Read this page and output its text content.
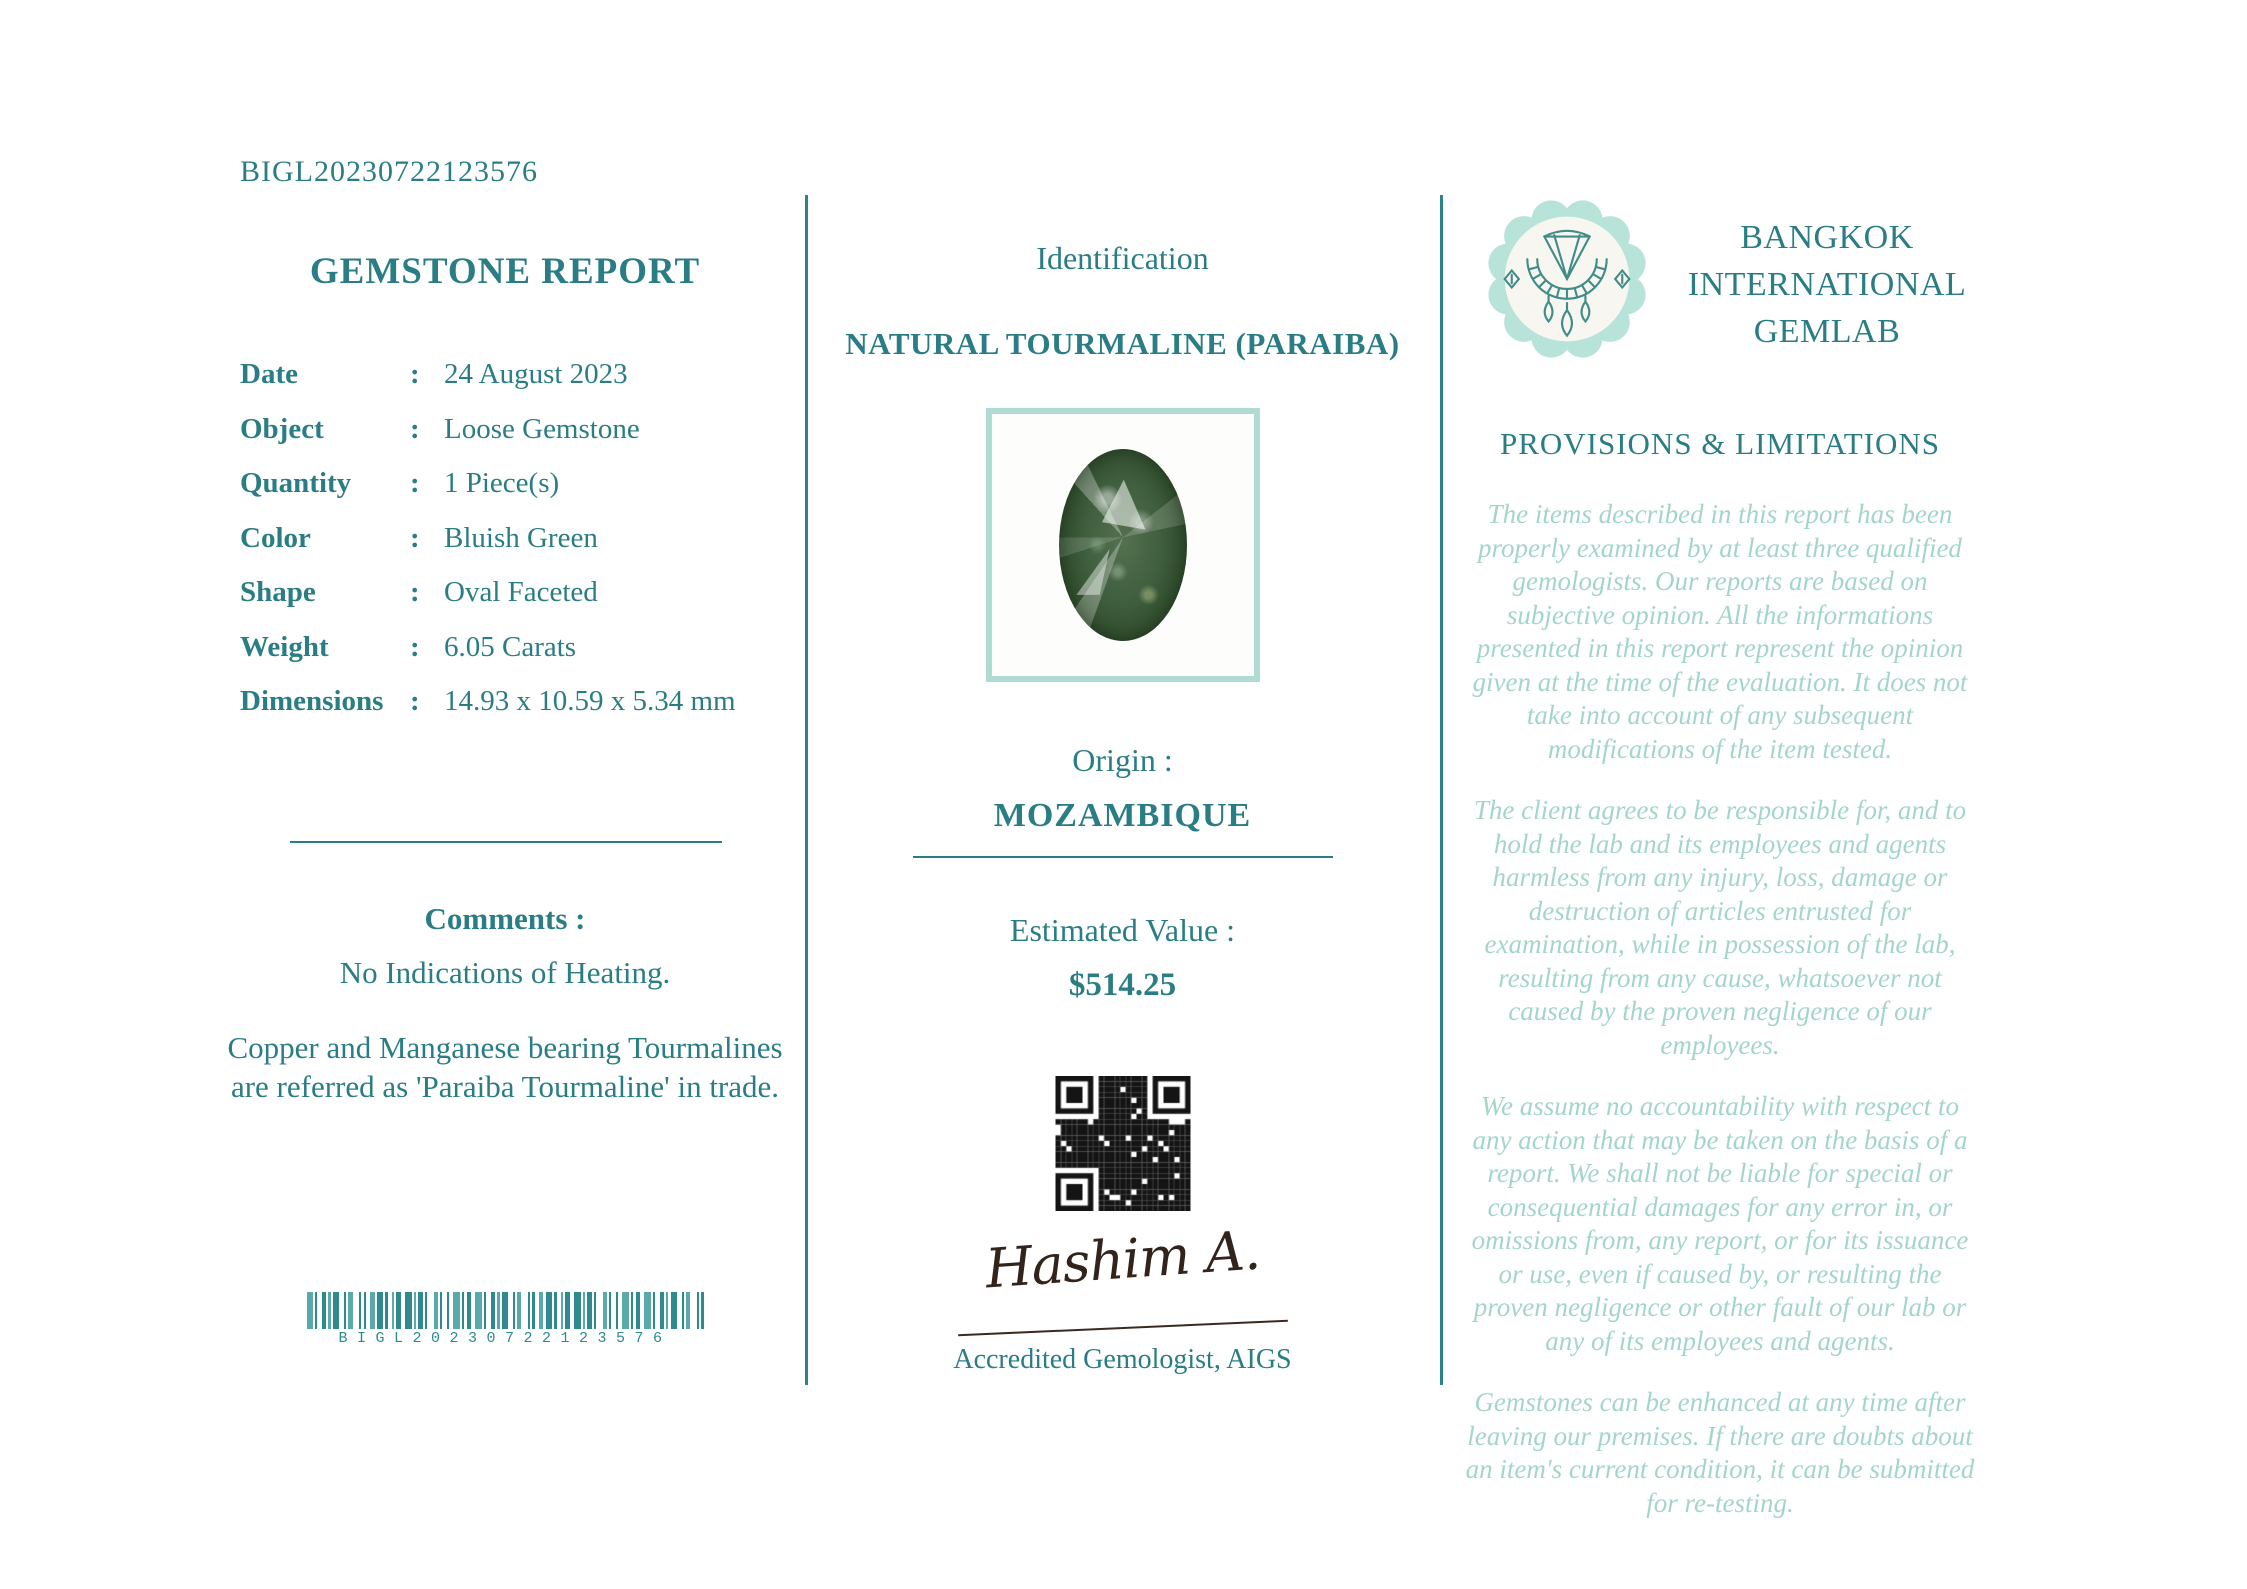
BIGL20230722123576
GEMSTONE REPORT
Date	: 24 August 2023
Object	: Loose Gemstone
Quantity	: 1 Piece(s)
Color	: Bluish Green
Shape	: Oval Faceted
Weight	: 6.05 Carats
Dimensions : 14.93 x 10.59 x 5.34 mm
Comments :

No Indications of Heating.

Copper and Manganese bearing Tourmalines are referred as 'Paraiba Tourmaline' in trade.

BIGL20230722123576
Identification
NATURAL TOURMALINE (PARAIBA)
Origin :
MOZAMBIQUE
Estimated Value :
$514.25
Hashim A.
Accredited Gemologist, AIGS
BANGKOK
INTERNATIONAL
GEMLAB
PROVISIONS & LIMITATIONS

The items described in this report has been properly examined by at least three qualified gemologists. Our reports are based on subjective opinion. All the informations presented in this report represent the opinion given at the time of the evaluation. It does not take into account of any subsequent modifications of the item tested.

The client agrees to be responsible for, and to hold the lab and its employees and agents harmless from any injury, loss, damage or destruction of articles entrusted for examination, while in possession of the lab, resulting from any cause, whatsoever not caused by the proven negligence of our employees.

We assume no accountability with respect to any action that may be taken on the basis of a report. We shall not be liable for special or consequential damages for any error in, or omissions from, any report, or for its issuance or use, even if caused by, or resulting the proven negligence or other fault of our lab or any of its employees and agents.

Gemstones can be enhanced at any time after leaving our premises. If there are doubts about an item's current condition, it can be submitted for re-testing.
